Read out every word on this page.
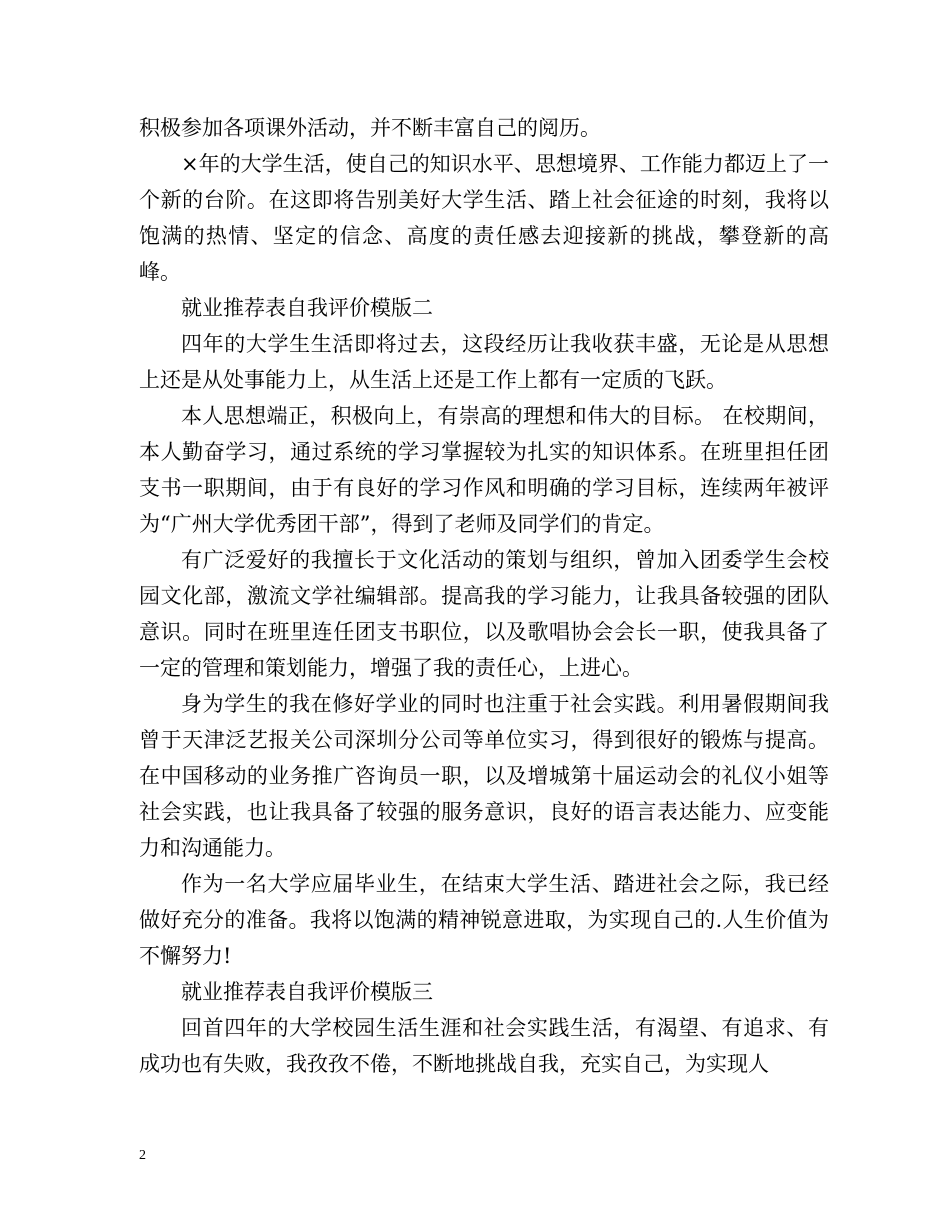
积极参加各项课外活动，并不断丰富自己的阅历。

×年的大学生活，使自己的知识水平、思想境界、工作能力都迈上了一个新的台阶。在这即将告别美好大学生活、踏上社会征途的时刻，我将以饱满的热情、坚定的信念、高度的责任感去迎接新的挑战，攀登新的高峰。

就业推荐表自我评价模版二

四年的大学生生活即将过去，这段经历让我收获丰盛，无论是从思想上还是从处事能力上，从生活上还是工作上都有一定质的飞跃。

本人思想端正，积极向上，有崇高的理想和伟大的目标。 在校期间，本人勤奋学习，通过系统的学习掌握较为扎实的知识体系。在班里担任团支书一职期间，由于有良好的学习作风和明确的学习目标，连续两年被评为“广州大学优秀团干部”，得到了老师及同学们的肯定。

有广泛爱好的我擅长于文化活动的策划与组织，曾加入团委学生会校园文化部，激流文学社编辑部。提高我的学习能力，让我具备较强的团队意识。同时在班里连任团支书职位，以及歌唱协会会长一职，使我具备了一定的管理和策划能力，增强了我的责任心，上进心。

身为学生的我在修好学业的同时也注重于社会实践。利用暑假期间我曾于天津泛艺报关公司深圳分公司等单位实习，得到很好的锻炼与提高。在中国移动的业务推广咨询员一职，以及增城第十届运动会的礼仪小姐等社会实践，也让我具备了较强的服务意识，良好的语言表达能力、应变能力和沟通能力。

作为一名大学应届毕业生，在结束大学生活、踏进社会之际，我已经做好充分的准备。我将以饱满的精神锐意进取，为实现自己的.人生价值为不懈努力!

就业推荐表自我评价模版三

回首四年的大学校园生活生涯和社会实践生活，有渴望、有追求、有成功也有失败，我孜孜不倦，不断地挑战自我，充实自己，为实现人

2
